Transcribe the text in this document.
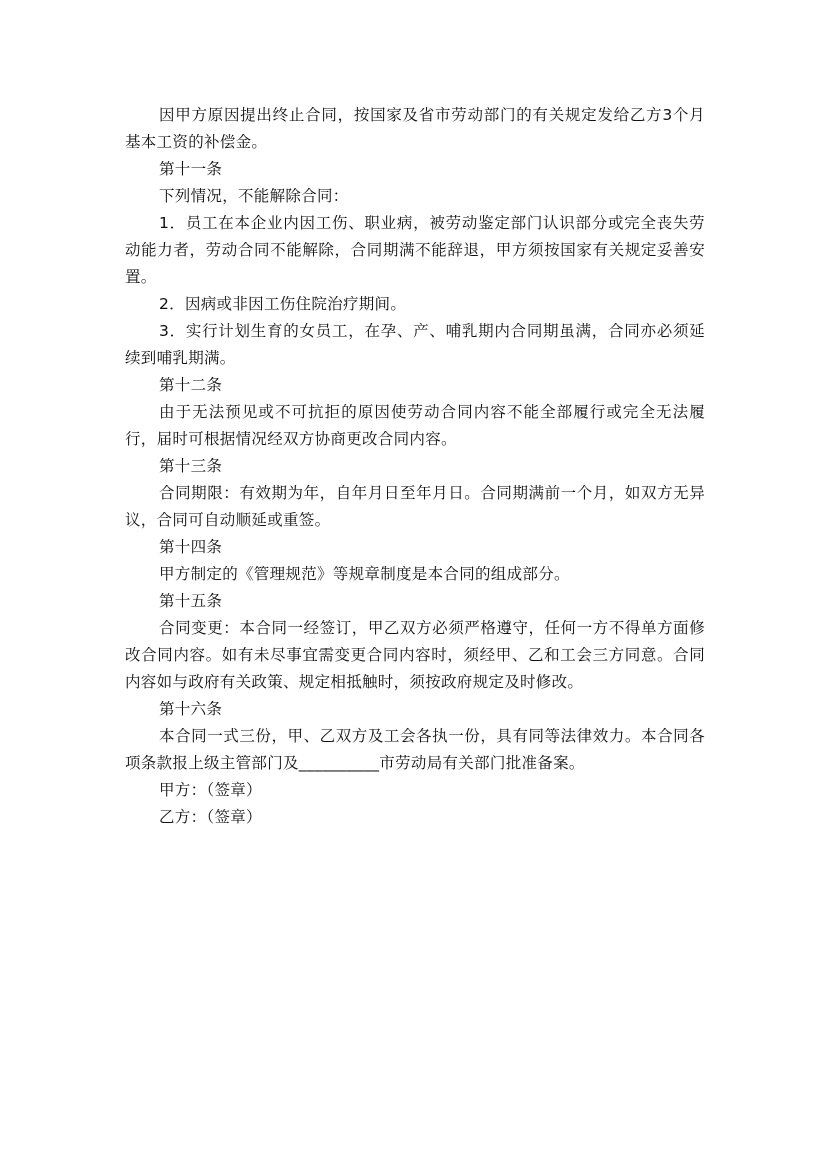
因甲方原因提出终止合同，按国家及省市劳动部门的有关规定发给乙方3个月基本工资的补偿金。

第十一条

下列情况，不能解除合同：

1．员工在本企业内因工伤、职业病，被劳动鉴定部门认识部分或完全丧失劳动能力者，劳动合同不能解除，合同期满不能辞退，甲方须按国家有关规定妥善安置。

2．因病或非因工伤住院治疗期间。

3．实行计划生育的女员工，在孕、产、哺乳期内合同期虽满，合同亦必须延续到哺乳期满。

第十二条

由于无法预见或不可抗拒的原因使劳动合同内容不能全部履行或完全无法履行，届时可根据情况经双方协商更改合同内容。

第十三条

合同期限：有效期为年，自年月日至年月日。合同期满前一个月，如双方无异议，合同可自动顺延或重签。

第十四条

甲方制定的《管理规范》等规章制度是本合同的组成部分。

第十五条

合同变更：本合同一经签订，甲乙双方必须严格遵守，任何一方不得单方面修改合同内容。如有未尽事宜需变更合同内容时，须经甲、乙和工会三方同意。合同内容如与政府有关政策、规定相抵触时，须按政府规定及时修改。

第十六条

本合同一式三份，甲、乙双方及工会各执一份，具有同等法律效力。本合同各项条款报上级主管部门及__________市劳动局有关部门批准备案。

甲方：（签章）

乙方：（签章）
